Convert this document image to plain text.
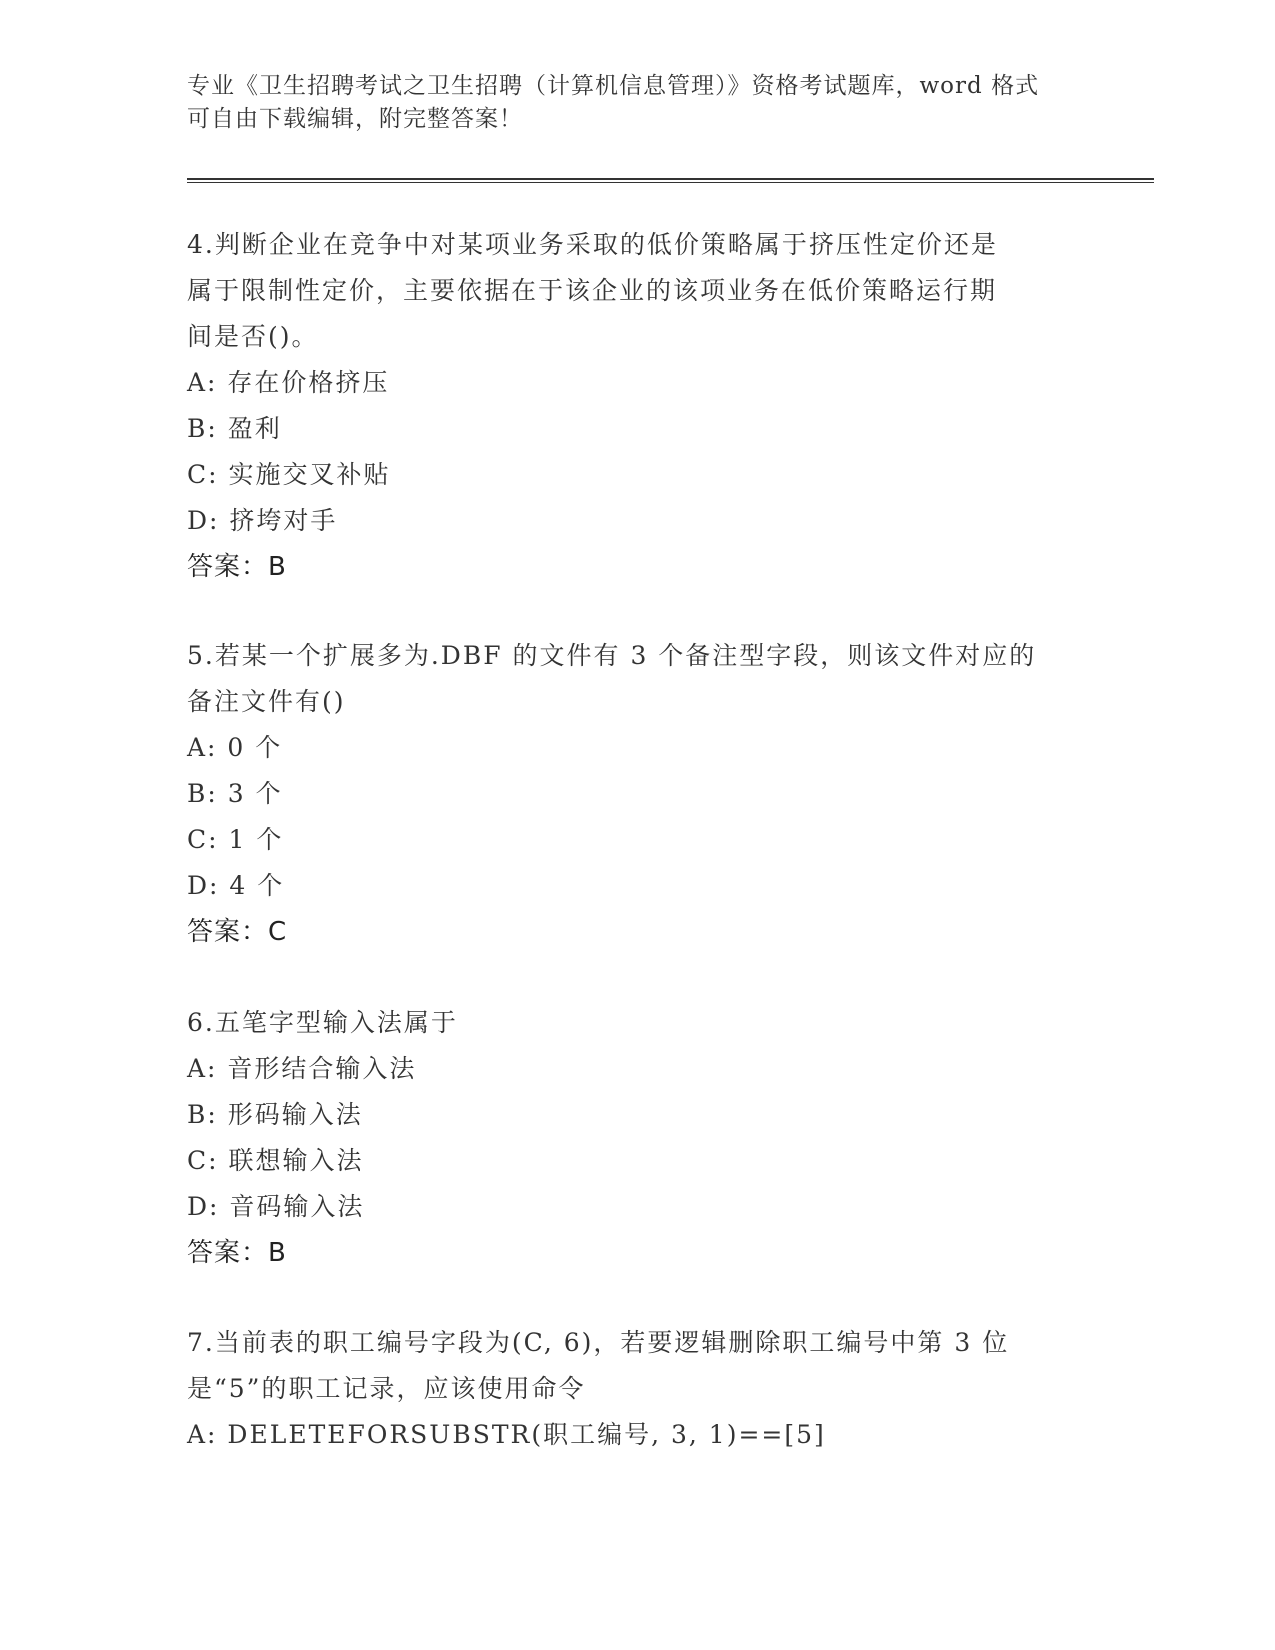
专业《卫生招聘考试之卫生招聘（计算机信息管理）》资格考试题库，word 格式
可自由下载编辑，附完整答案！
4.判断企业在竞争中对某项业务采取的低价策略属于挤压性定价还是
属于限制性定价，主要依据在于该企业的该项业务在低价策略运行期
间是否()。
A: 存在价格挤压
B: 盈利
C: 实施交叉补贴
D: 挤垮对手
答案：B
5.若某一个扩展多为.DBF 的文件有 3 个备注型字段，则该文件对应的
备注文件有()
A: 0 个
B: 3 个
C: 1 个
D: 4 个
答案：C
6.五笔字型输入法属于
A: 音形结合输入法
B: 形码输入法
C: 联想输入法
D: 音码输入法
答案：B
7.当前表的职工编号字段为(C, 6)，若要逻辑删除职工编号中第 3 位
是“5”的职工记录，应该使用命令
A: DELETEFORSUBSTR(职工编号, 3, 1)==[5]
